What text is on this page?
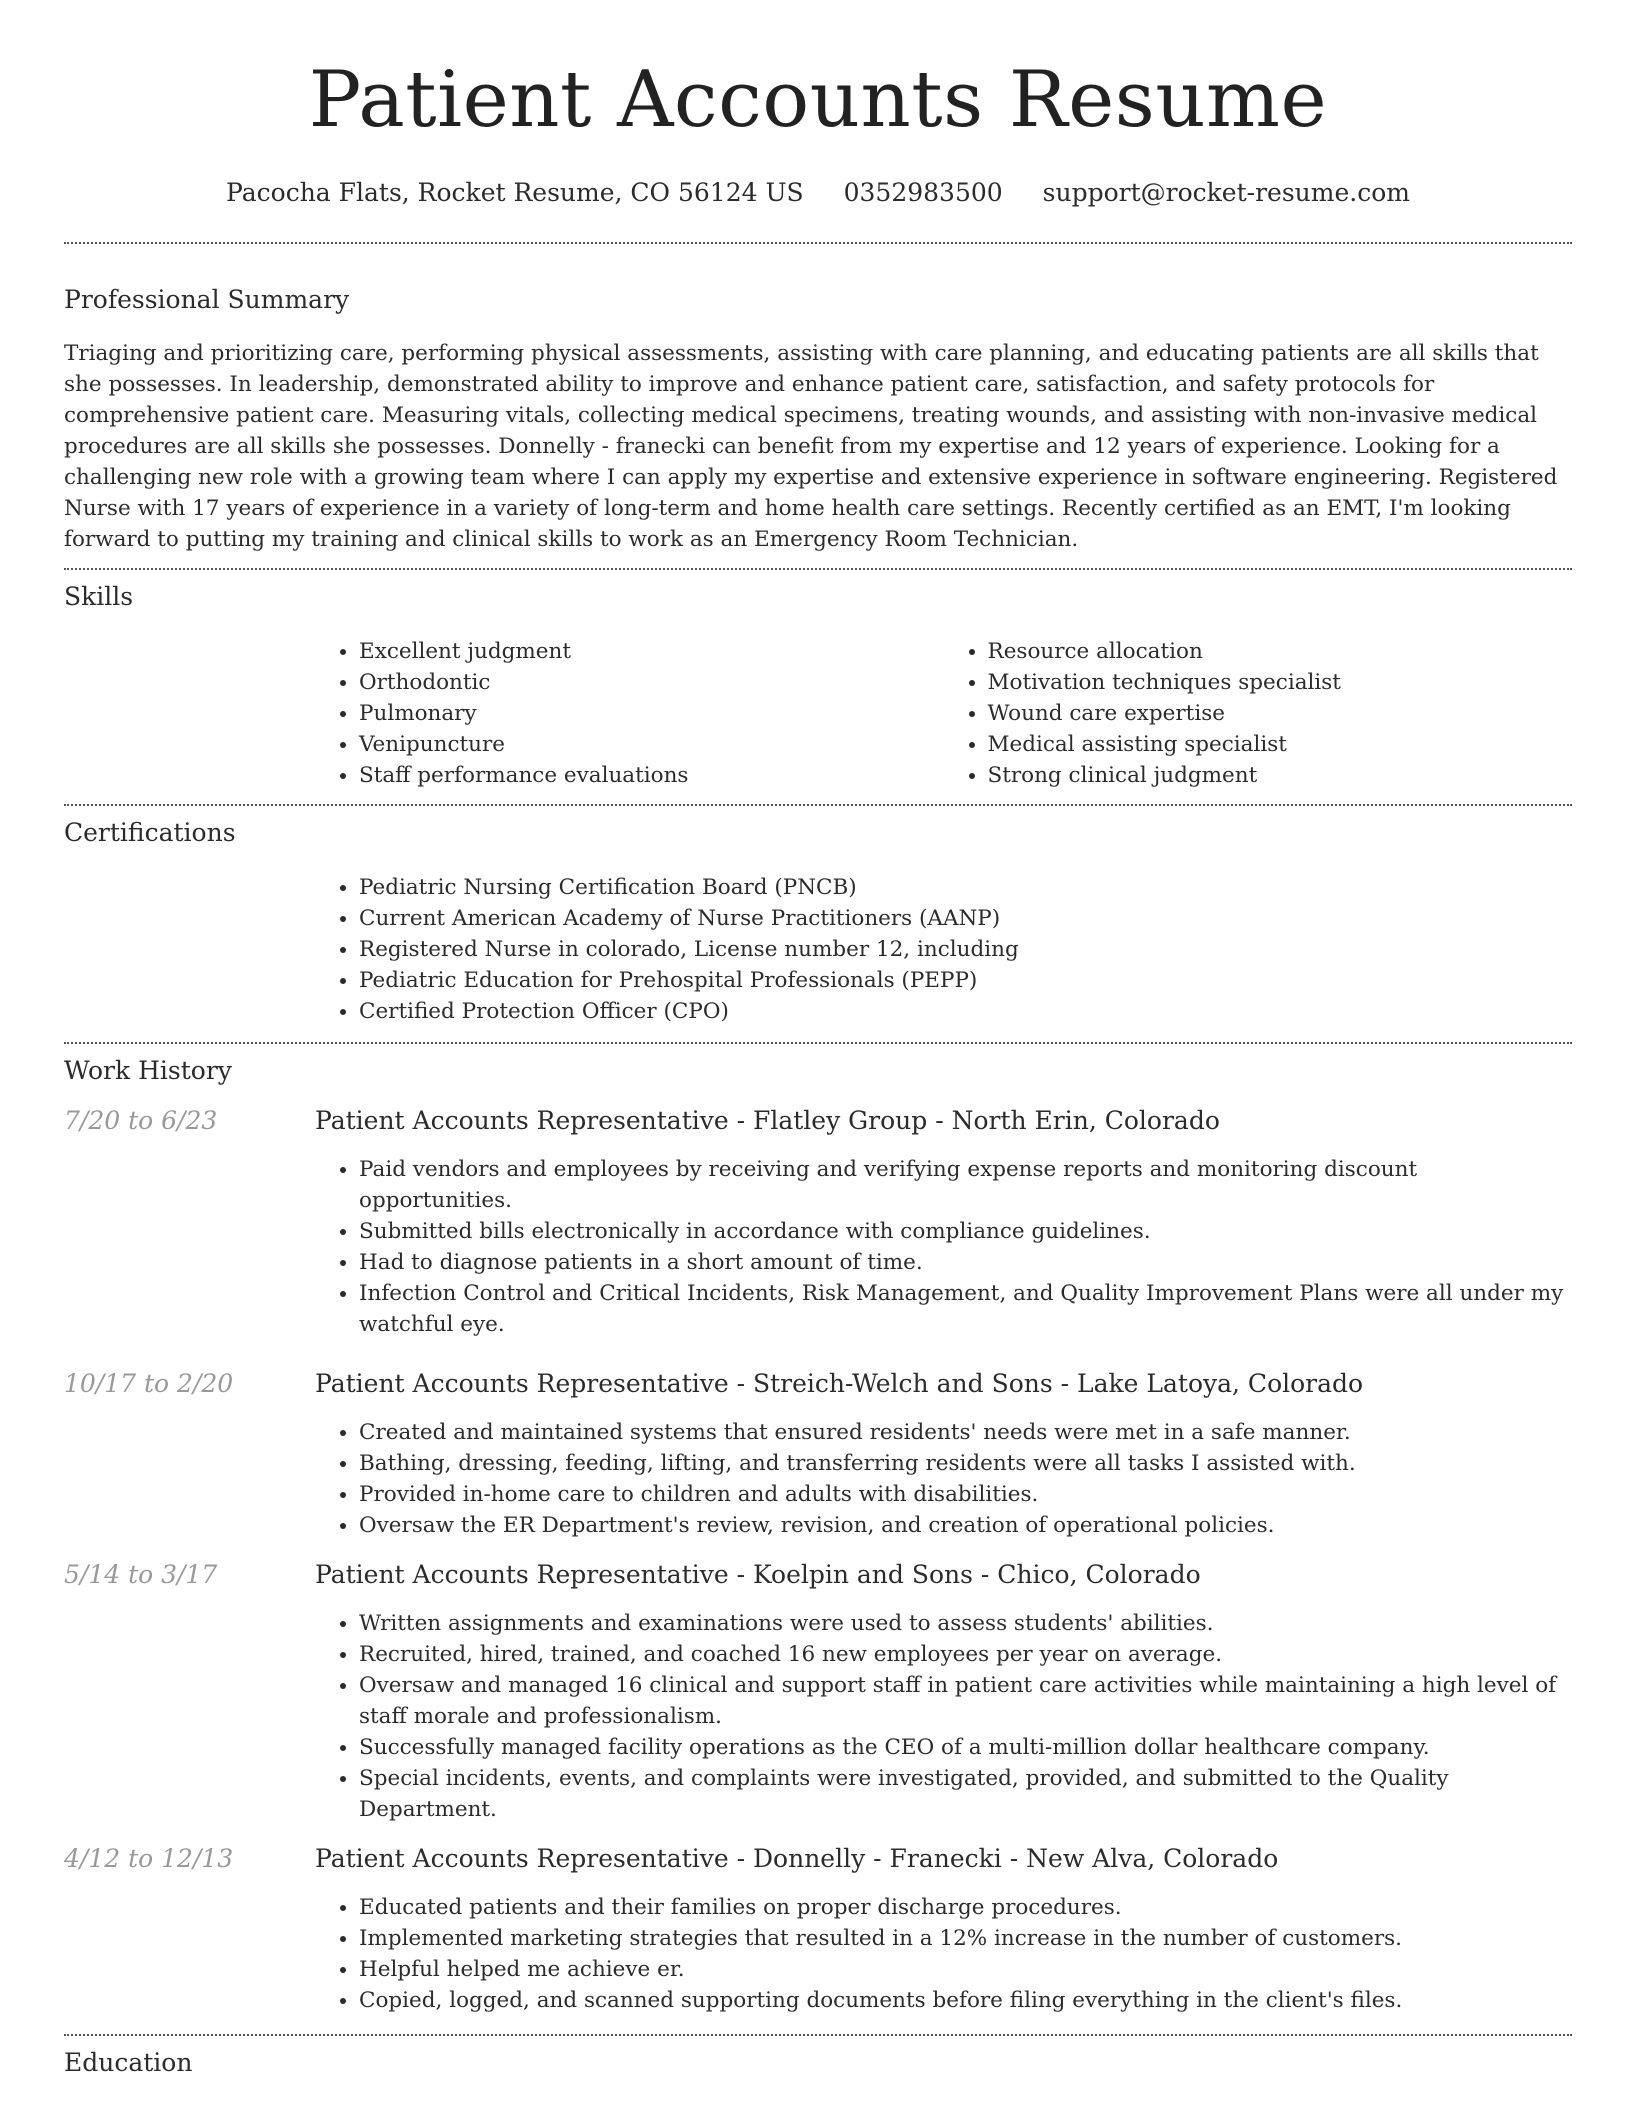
Patient Accounts Resume
Pacocha Flats, Rocket Resume, CO 56124 US 0352983500 support@rocket-resume.com
Professional Summary

Triaging and prioritizing care, performing physical assessments, assisting with care planning, and educating patients are all skills that she possesses. In leadership, demonstrated ability to improve and enhance patient care, satisfaction, and safety protocols for comprehensive patient care. Measuring vitals, collecting medical specimens, treating wounds, and assisting with non-invasive medical procedures are all skills she possesses. Donnelly - franecki can benefit from my expertise and 12 years of experience. Looking for a challenging new role with a growing team where I can apply my expertise and extensive experience in software engineering. Registered Nurse with 17 years of experience in a variety of long-term and home health care settings. Recently certified as an EMT, I'm looking forward to putting my training and clinical skills to work as an Emergency Room Technician.

Skills
• Excellent judgment
• Orthodontic
• Pulmonary
• Venipuncture
• Staff performance evaluations
• Resource allocation
• Motivation techniques specialist
• Wound care expertise
• Medical assisting specialist
• Strong clinical judgment
Certifications
• Pediatric Nursing Certification Board (PNCB)
• Current American Academy of Nurse Practitioners (AANP)
• Registered Nurse in colorado, License number 12, including
• Pediatric Education for Prehospital Professionals (PEPP)
• Certified Protection Officer (CPO)
Work History
7/20 to 6/23	Patient Accounts Representative - Flatley Group - North Erin, Colorado
• Paid vendors and employees by receiving and verifying expense reports and monitoring discount opportunities.
• Submitted bills electronically in accordance with compliance guidelines.
• Had to diagnose patients in a short amount of time.
• Infection Control and Critical Incidents, Risk Management, and Quality Improvement Plans were all under my watchful eye.
10/17 to 2/20	Patient Accounts Representative - Streich-Welch and Sons - Lake Latoya, Colorado
• Created and maintained systems that ensured residents' needs were met in a safe manner.
• Bathing, dressing, feeding, lifting, and transferring residents were all tasks I assisted with.
• Provided in-home care to children and adults with disabilities.
• Oversaw the ER Department's review, revision, and creation of operational policies.
5/14 to 3/17	Patient Accounts Representative - Koelpin and Sons - Chico, Colorado
• Written assignments and examinations were used to assess students' abilities.
• Recruited, hired, trained, and coached 16 new employees per year on average.
• Oversaw and managed 16 clinical and support staff in patient care activities while maintaining a high level of staff morale and professionalism.
• Successfully managed facility operations as the CEO of a multi-million dollar healthcare company.
• Special incidents, events, and complaints were investigated, provided, and submitted to the Quality Department.
4/12 to 12/13	Patient Accounts Representative - Donnelly - Franecki - New Alva, Colorado
• Educated patients and their families on proper discharge procedures.
• Implemented marketing strategies that resulted in a 12% increase in the number of customers.
• Helpful helped me achieve er.
• Copied, logged, and scanned supporting documents before filing everything in the client's files.
Education
